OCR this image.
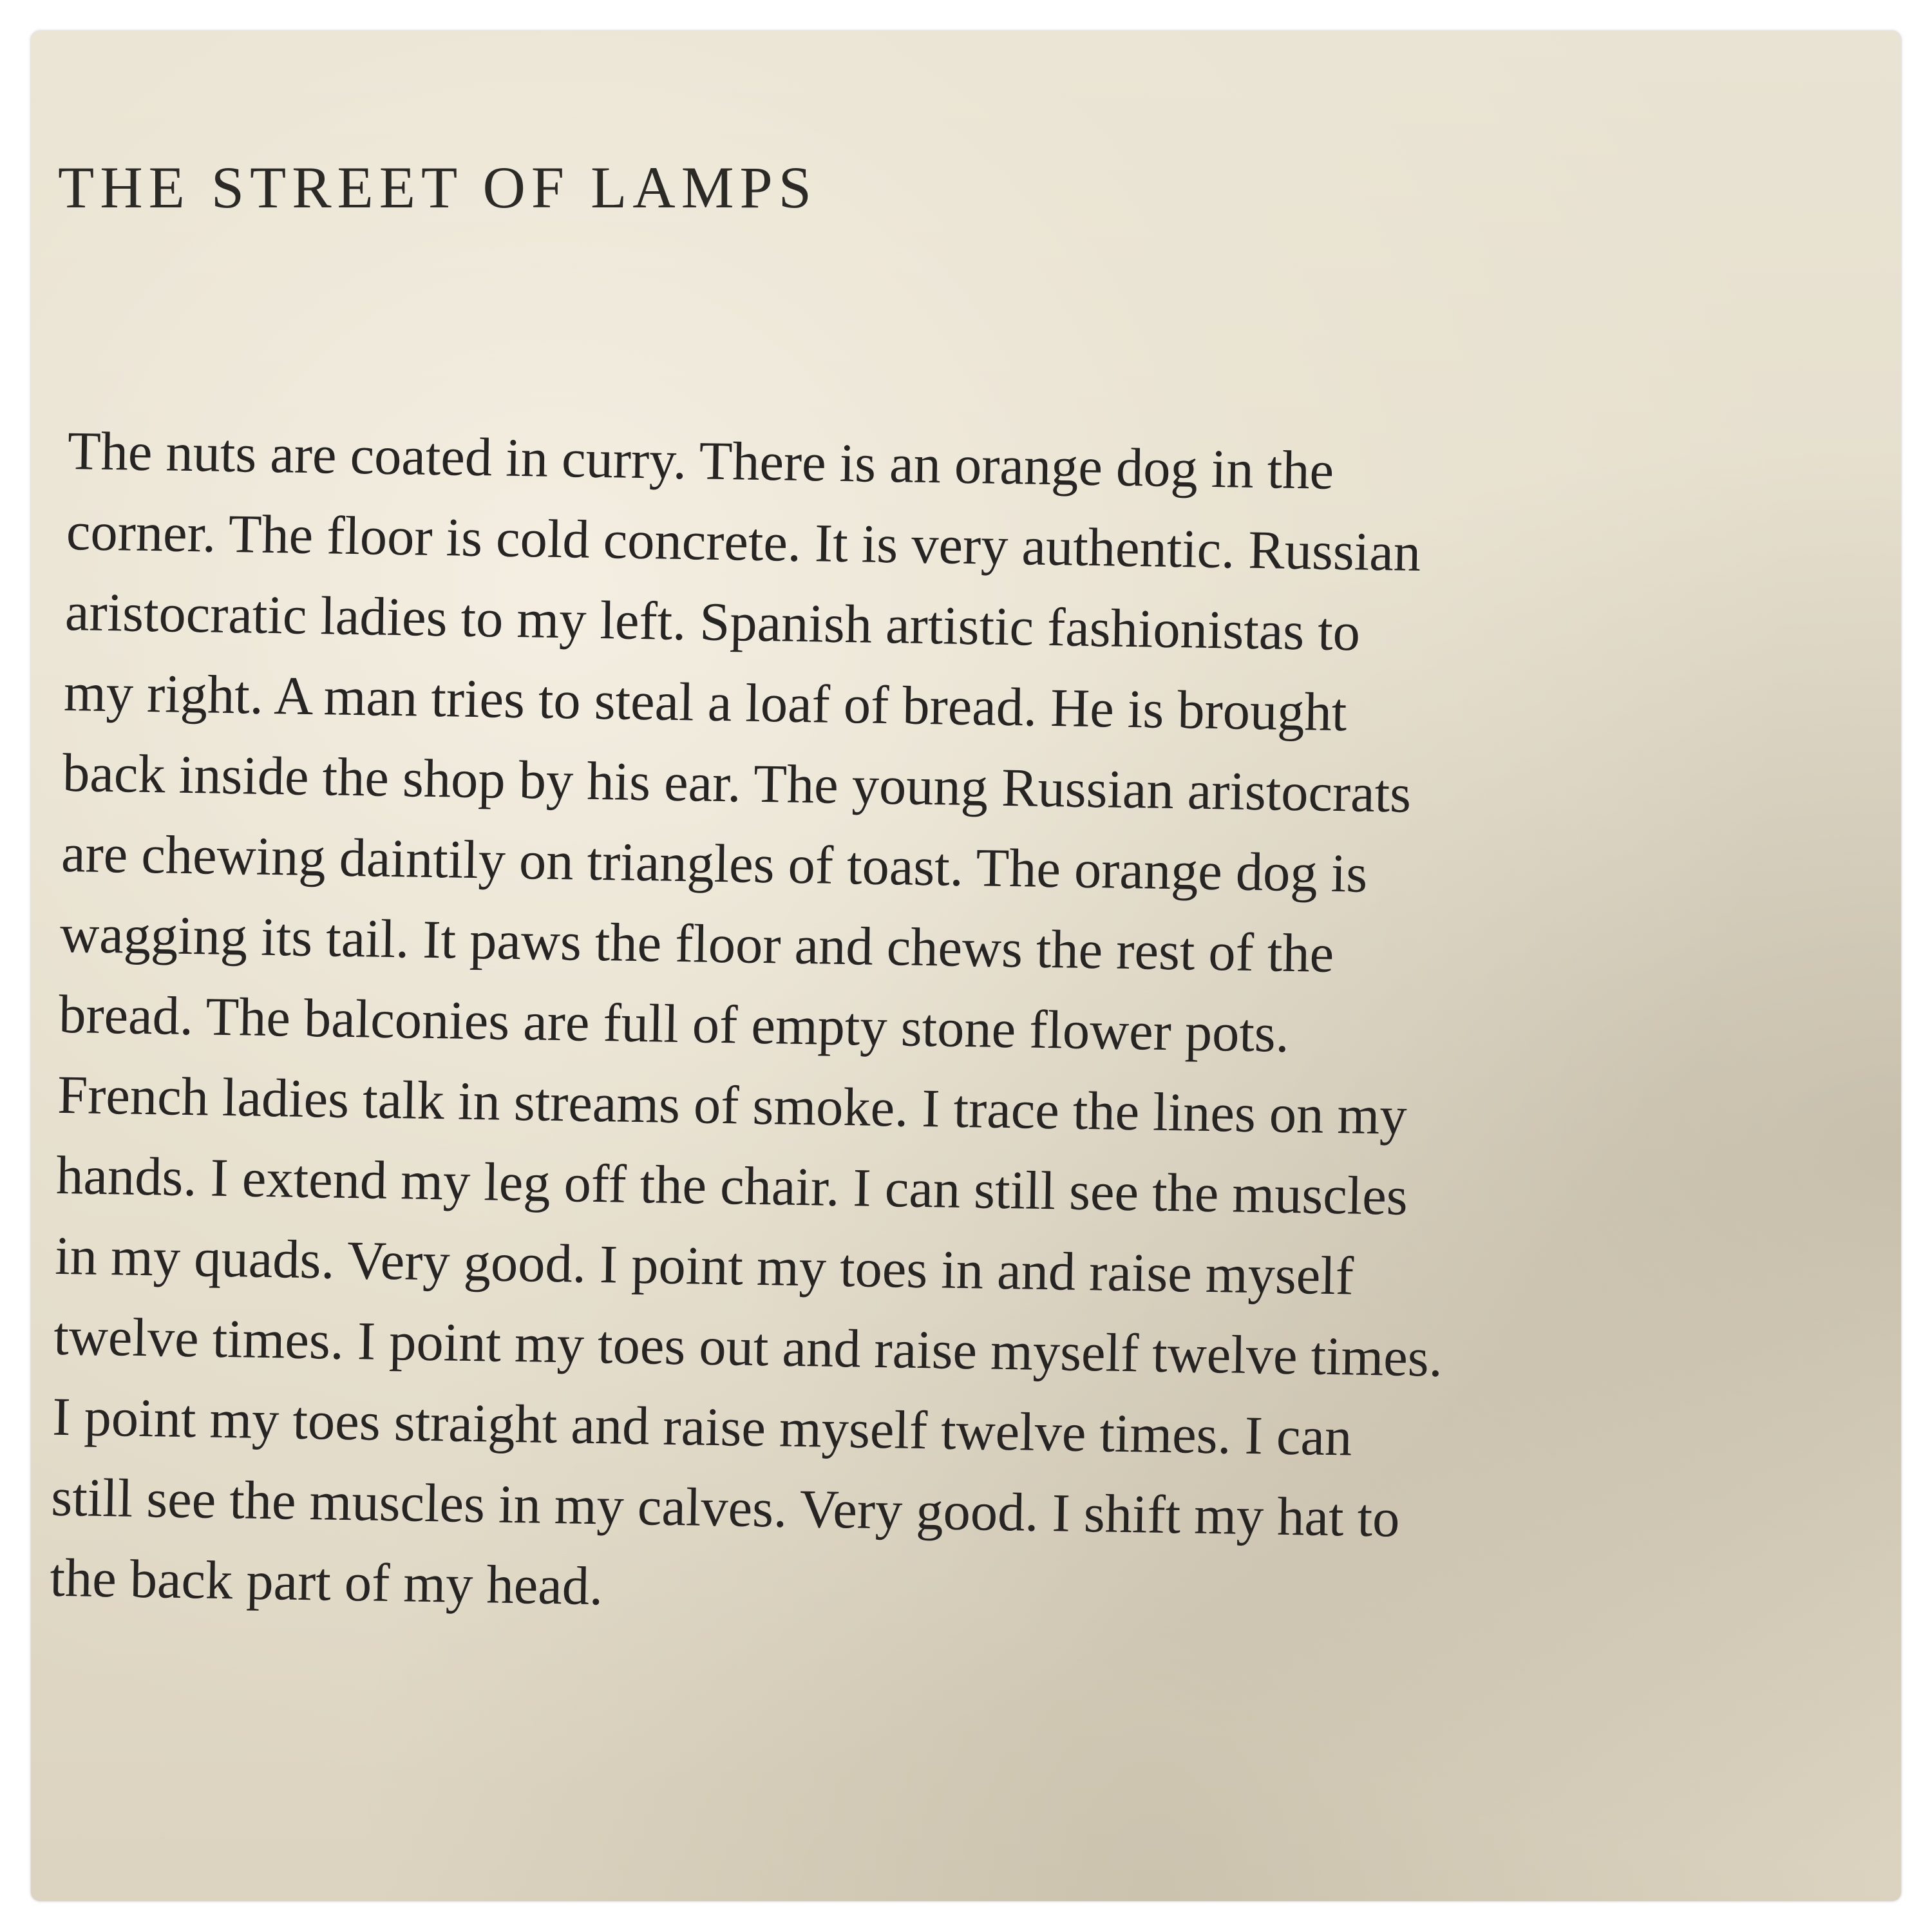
THE STREET OF LAMPS

The nuts are coated in curry. There is an orange dog in the
corner. The floor is cold concrete. It is very authentic. Russian
aristocratic ladies to my left. Spanish artistic fashionistas to
my right. A man tries to steal a loaf of bread. He is brought
back inside the shop by his ear. The young Russian aristocrats
are chewing daintily on triangles of toast. The orange dog is
wagging its tail. It paws the floor and chews the rest of the
bread. The balconies are full of empty stone flower pots.
French ladies talk in streams of smoke. I trace the lines on my
hands. I extend my leg off the chair. I can still see the muscles
in my quads. Very good. I point my toes in and raise myself
twelve times. I point my toes out and raise myself twelve times.
I point my toes straight and raise myself twelve times. I can
still see the muscles in my calves. Very good. I shift my hat to
the back part of my head.
